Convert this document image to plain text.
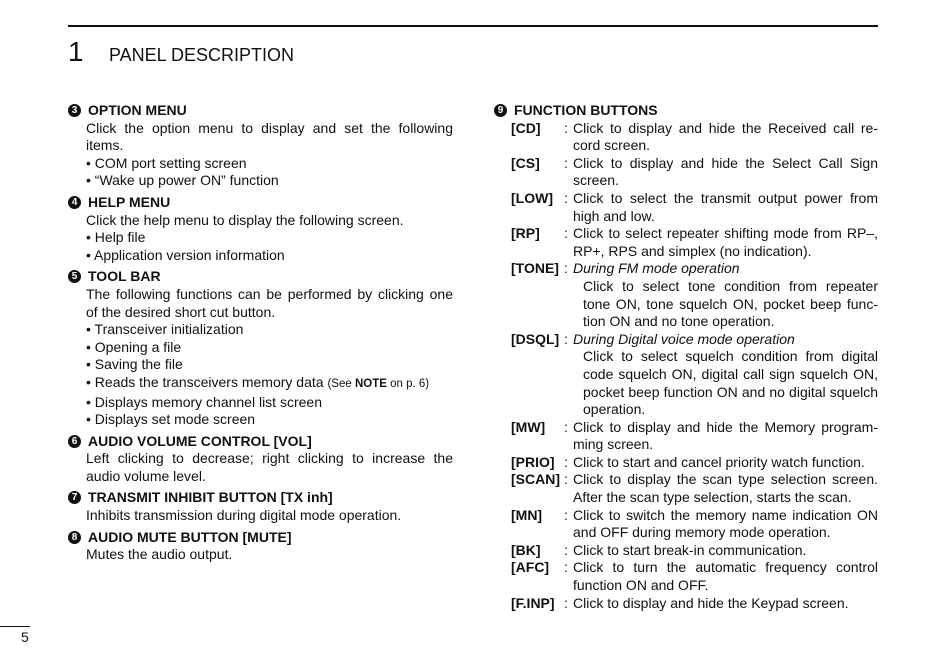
1 PANEL DESCRIPTION
3 OPTION MENU
Click the option menu to display and set the following items.
• COM port setting screen
• “Wake up power ON” function
4 HELP MENU
Click the help menu to display the following screen.
• Help file
• Application version information
5 TOOL BAR
The following functions can be performed by clicking one of the desired short cut button.
• Transceiver initialization
• Opening a file
• Saving the file
• Reads the transceivers memory data (See NOTE on p. 6)
• Displays memory channel list screen
• Displays set mode screen
6 AUDIO VOLUME CONTROL [VOL]
Left clicking to decrease; right clicking to increase the audio volume level.
7 TRANSMIT INHIBIT BUTTON [TX inh]
Inhibits transmission during digital mode operation.
8 AUDIO MUTE BUTTON [MUTE]
Mutes the audio output.
9 FUNCTION BUTTONS
[CD]	: Click to display and hide the Received call re-cord screen.
[CS]	: Click to display and hide the Select Call Sign screen.
[LOW] : Click to select the transmit output power from high and low.
[RP]	: Click to select repeater shifting mode from RP–, RP+, RPS and simplex (no indication).
[TONE] : During FM mode operation
Click to select tone condition from repeater tone ON, tone squelch ON, pocket beep func-tion ON and no tone operation.
[DSQL] : During Digital voice mode operation
Click to select squelch condition from digital code squelch ON, digital call sign squelch ON, pocket beep function ON and no digital squelch operation.
[MW]	: Click to display and hide the Memory program-ming screen.
[PRIO] : Click to start and cancel priority watch function.
[SCAN] : Click to display the scan type selection screen. After the scan type selection, starts the scan.
[MN]	: Click to switch the memory name indication ON and OFF during memory mode operation.
[BK]	: Click to start break-in communication.
[AFC]	: Click to turn the automatic frequency control function ON and OFF.
[F.INP] : Click to display and hide the Keypad screen.
5
